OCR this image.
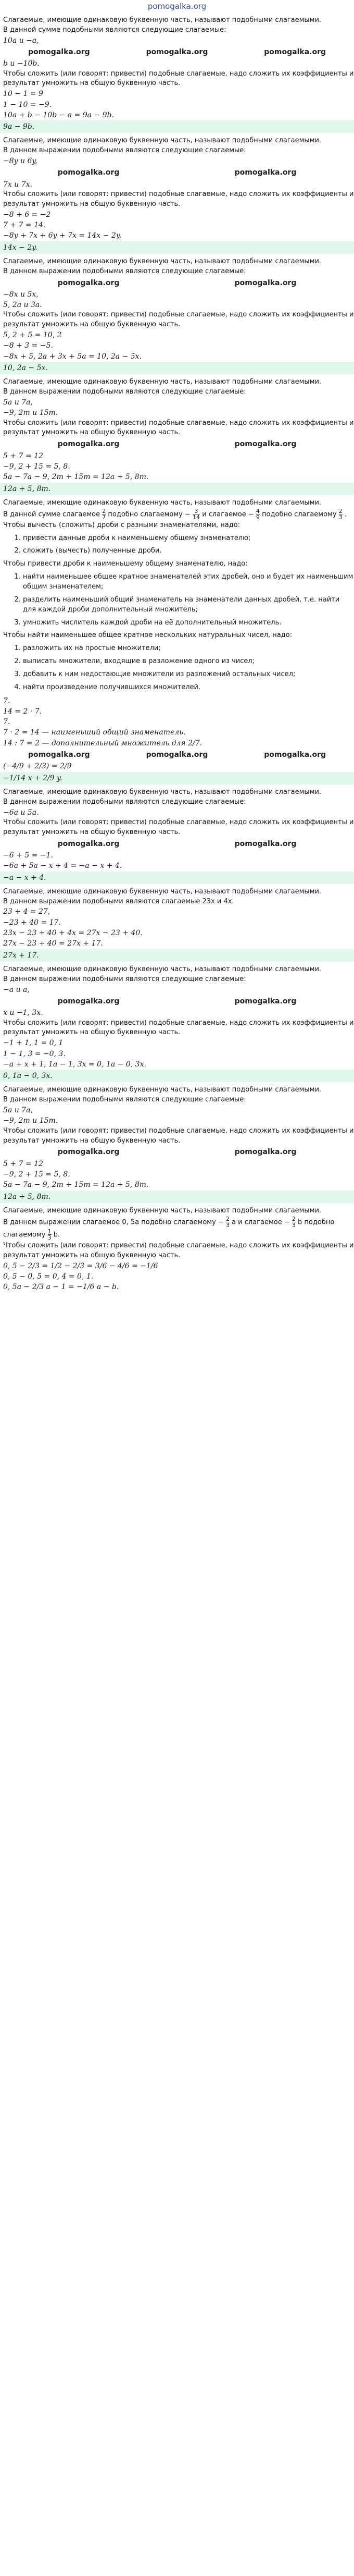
pomogalka.org

Слагаемые, имеющие одинаковую буквенную часть, называют подобными слагаемыми.

В данной сумме подобными являются следующие слагаемые:

10a и −a,
pomogalka.org	pomogalka.org	pomogalka.org
b и −10b.

Чтобы сложить (или говорят: привести) подобные слагаемые, надо сложить их коэффициенты и результат умножить на общую буквенную часть.

10 − 1 = 9
1 − 10 = −9.
10a + b − 10b − a = 9a − 9b.
9a − 9b.

Слагаемые, имеющие одинаковую буквенную часть, называют подобными слагаемыми.

В данном выражении подобными являются следующие слагаемые:

−8y и 6y,
pomogalka.org	pomogalka.org
7x и 7x.

Чтобы сложить (или говорят: привести) подобные слагаемые, надо сложить их коэффициенты и результат умножить на общую буквенную часть.

−8 + 6 = −2
7 + 7 = 14.
−8y + 7x + 6y + 7x = 14x − 2y.
14x − 2y.

Слагаемые, имеющие одинаковую буквенную часть, называют подобными слагаемыми.

В данном выражении подобными являются следующие слагаемые:

pomogalka.org	pomogalka.org
−8x и 5x,
5, 2a и 3a.

Чтобы сложить (или говорят: привести) подобные слагаемые, надо сложить их коэффициенты и результат умножить на общую буквенную часть.

5, 2 + 5 = 10, 2
−8 + 3 = −5.
−8x + 5, 2a + 3x + 5a = 10, 2a − 5x.
10, 2a − 5x.

Слагаемые, имеющие одинаковую буквенную часть, называют подобными слагаемыми.

В данном выражении подобными являются следующие слагаемые:

5a и 7a,
−9, 2m и 15m.

Чтобы сложить (или говорят: привести) подобные слагаемые, надо сложить их коэффициенты и результат умножить на общую буквенную часть.

pomogalka.org	pomogalka.org
5 + 7 = 12
−9, 2 + 15 = 5, 8.
5a − 7a − 9, 2m + 15m = 12a + 5, 8m.
12a + 5, 8m.

Слагаемые, имеющие одинаковую буквенную часть, называют подобными слагаемыми.

В данной сумме слагаемое $\frac{2}{7}$ подобно слагаемому − $\frac{3}{14}$ и слагаемое − $\frac{4}{9}$ подобно слагаемому $\frac{2}{3}$ .

Чтобы вычесть (сложить) дроби с разными знаменателями, надо:

1. привести данные дроби к наименьшему общему знаменателю;
2. сложить (вычесть) полученные дроби.

Чтобы привести дроби к наименьшему общему знаменателю, надо:

1. найти наименьшее общее кратное знаменателей этих дробей, оно и будет их наименьшим общим знаменателем;
2. разделить наименьший общий знаменатель на знаменатели данных дробей, т.е. найти для каждой дроби дополнительный множитель;
3. умножить числитель каждой дроби на её дополнительный множитель.

Чтобы найти наименьшее общее кратное нескольких натуральных чисел, надо:

1. разложить их на простые множители;
2. выписать множители, входящие в разложение одного из чисел;
3. добавить к ним недостающие множители из разложений остальных чисел;
4. найти произведение получившихся множителей.
7.
14 = 2 · 7.
7.
7 · 2 = 14 — наименьший общий знаменатель.
14 : 7 = 2 — дополнительный множитель для 2/7.
pomogalka.org	pomogalka.org	pomogalka.org
(−4/9 + 2/3) = 2/9
−1/14 x + 2/9 y.

Слагаемые, имеющие одинаковую буквенную часть, называют подобными слагаемыми.

В данном выражении подобными являются следующие слагаемые:

−6a и 5a.

Чтобы сложить (или говорят: привести) подобные слагаемые, надо сложить их коэффициенты и результат умножить на общую буквенную часть.

pomogalka.org	pomogalka.org
−6 + 5 = −1.
−6a + 5a − x + 4 = −a − x + 4.
−a − x + 4.

Слагаемые, имеющие одинаковую буквенную часть, называют подобными слагаемыми.

В данном выражении подобными являются слагаемые 23x и 4x.

23 + 4 = 27,
−23 + 40 = 17.
23x − 23 + 40 + 4x = 27x − 23 + 40.
27x − 23 + 40 = 27x + 17.
27x + 17.

Слагаемые, имеющие одинаковую буквенную часть, называют подобными слагаемыми.

В данном выражении подобными являются следующие слагаемые:

−a и a,
pomogalka.org	pomogalka.org
x и −1, 3x.

Чтобы сложить (или говорят: привести) подобные слагаемые, надо сложить их коэффициенты и результат умножить на общую буквенную часть.

−1 + 1, 1 = 0, 1
1 − 1, 3 = −0, 3.
−a + x + 1, 1a − 1, 3x = 0, 1a − 0, 3x.
0, 1a − 0, 3x.

Слагаемые, имеющие одинаковую буквенную часть, называют подобными слагаемыми.

В данном выражении подобными являются следующие слагаемые:

5a и 7a,
−9, 2m и 15m.

Чтобы сложить (или говорят: привести) подобные слагаемые, надо сложить их коэффициенты и результат умножить на общую буквенную часть.

pomogalka.org	pomogalka.org
5 + 7 = 12
−9, 2 + 15 = 5, 8.
5a − 7a − 9, 2m + 15m = 12a + 5, 8m.
12a + 5, 8m.

Слагаемые, имеющие одинаковую буквенную часть, называют подобными слагаемыми.

В данном выражении слагаемое 0, 5a подобно слагаемому − $\frac{2}{3}$ a и слагаемое − $\frac{2}{3}$ b подобно слагаемому $\frac{1}{3} b$.

Чтобы сложить (или говорят: привести) подобные слагаемые, надо сложить их коэффициенты и результат умножить на общую буквенную часть.

0, 5 − 2/3 = 1/2 − 2/3 = 3/6 − 4/6 = −1/6
0, 5 − 0, 5 = 0, 4 = 0, 1.
0, 5a − 2/3 a − 1 = −1/6 a − b.
